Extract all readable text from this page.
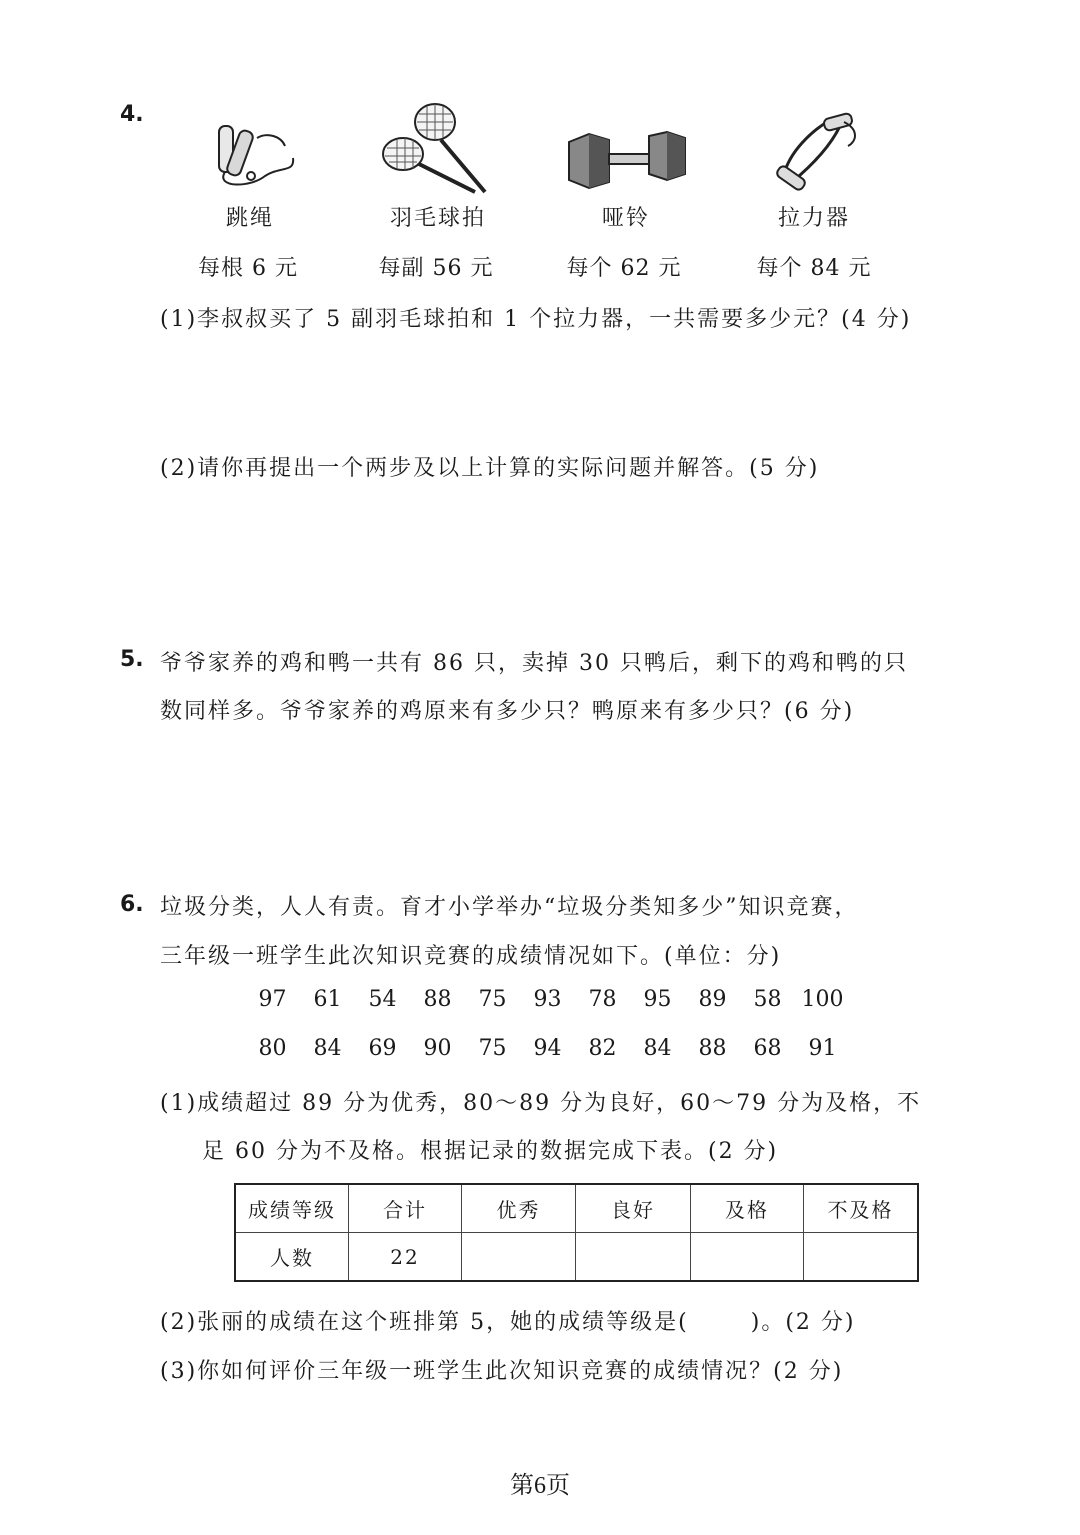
4.
跳绳	羽毛球拍	哑铃	拉力器
每根 6 元	每副 56 元	每个 62 元	每个 84 元
(1)李叔叔买了 5 副羽毛球拍和 1 个拉力器，一共需要多少元？(4 分)
(2)请你再提出一个两步及以上计算的实际问题并解答。(5 分)
5. 爷爷家养的鸡和鸭一共有 86 只，卖掉 30 只鸭后，剩下的鸡和鸭的只
数同样多。爷爷家养的鸡原来有多少只？鸭原来有多少只？(6 分)
6. 垃圾分类，人人有责。育才小学举办“垃圾分类知多少”知识竞赛，
三年级一班学生此次知识竞赛的成绩情况如下。(单位：分)
97 61 54 88 75 93 78 95 89 58 100
80 84 69 90 75 94 82 84 88 68 91
(1)成绩超过 89 分为优秀，80～89 分为良好，60～79 分为及格，不
足 60 分为不及格。根据记录的数据完成下表。(2 分)
成绩等级	合计	优秀	良好	及格	不及格
人数	22				
(2)张丽的成绩在这个班排第 5，她的成绩等级是(	)。(2 分)
(3)你如何评价三年级一班学生此次知识竞赛的成绩情况？(2 分)
第6页
